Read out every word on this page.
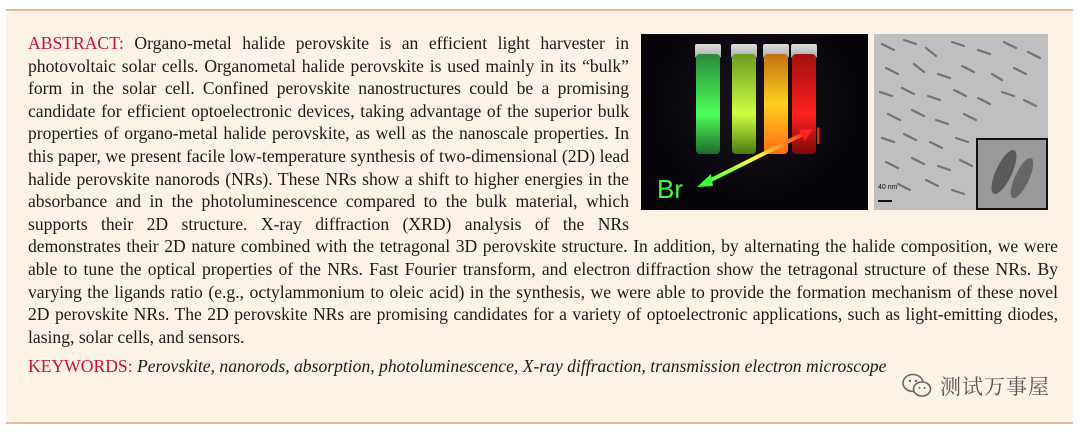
Br
I
40 nm
ABSTRACT: Organo-metal halide perovskite is an efficient light harvester in photovoltaic solar cells. Organometal halide perovskite is used mainly in its “bulk” form in the solar cell. Confined perovskite nanostructures could be a promising candidate for efficient optoelectronic devices, taking advantage of the superior bulk properties of organo-metal halide perovskite, as well as the nanoscale properties. In this paper, we present facile low-temperature synthesis of two-dimensional (2D) lead halide perovskite nanorods (NRs). These NRs show a shift to higher energies in the absorbance and in the photoluminescence compared to the bulk material, which supports their 2D structure. X-ray diffraction (XRD) analysis of the NRs demonstrates their 2D nature combined with the tetragonal 3D perovskite structure. In addition, by alternating the halide composition, we were able to tune the optical properties of the NRs. Fast Fourier transform, and electron diffraction show the tetragonal structure of these NRs. By varying the ligands ratio (e.g., octylammonium to oleic acid) in the synthesis, we were able to provide the formation mechanism of these novel 2D perovskite NRs. The 2D perovskite NRs are promising candidates for a variety of optoelectronic applications, such as light-emitting diodes, lasing, solar cells, and sensors.
KEYWORDS: Perovskite, nanorods, absorption, photoluminescence, X-ray diffraction, transmission electron microscope
测试万事屋
